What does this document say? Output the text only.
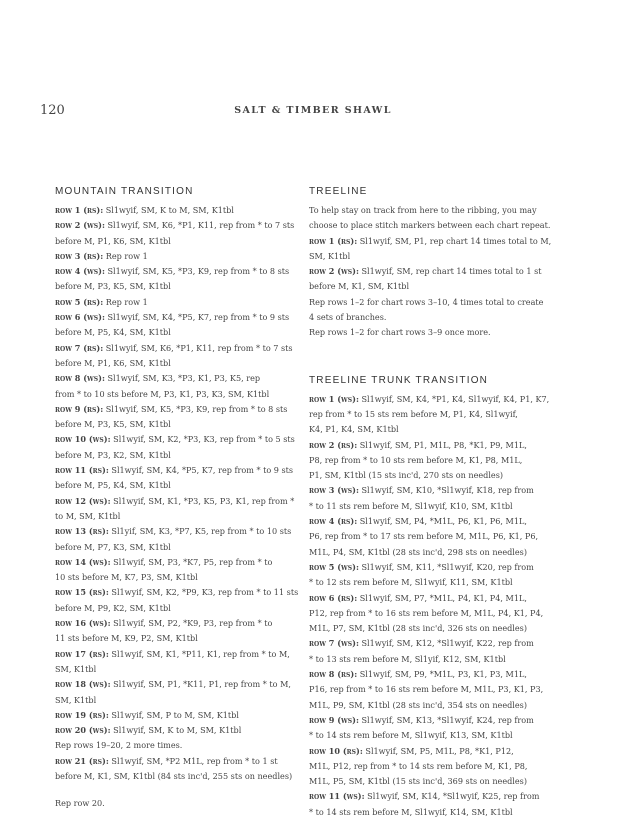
120	SALT & TIMBER SHAWL
MOUNTAIN TRANSITION
row 1 (rs): Sl1wyif, SM, K to M, SM, K1tbl
row 2 (ws): Sl1wyif, SM, K6, *P1, K11, rep from * to 7 sts
before M, P1, K6, SM, K1tbl
row 3 (rs): Rep row 1
row 4 (ws): Sl1wyif, SM, K5, *P3, K9, rep from * to 8 sts
before M, P3, K5, SM, K1tbl
row 5 (rs): Rep row 1
row 6 (ws): Sl1wyif, SM, K4, *P5, K7, rep from * to 9 sts
before M, P5, K4, SM, K1tbl
row 7 (rs): Sl1wyif, SM, K6, *P1, K11, rep from * to 7 sts
before M, P1, K6, SM, K1tbl
row 8 (ws): Sl1wyif, SM, K3, *P3, K1, P3, K5, rep
from * to 10 sts before M, P3, K1, P3, K3, SM, K1tbl
row 9 (rs): Sl1wyif, SM, K5, *P3, K9, rep from * to 8 sts
before M, P3, K5, SM, K1tbl
row 10 (ws): Sl1wyif, SM, K2, *P3, K3, rep from * to 5 sts
before M, P3, K2, SM, K1tbl
row 11 (rs): Sl1wyif, SM, K4, *P5, K7, rep from * to 9 sts
before M, P5, K4, SM, K1tbl
row 12 (ws): Sl1wyif, SM, K1, *P3, K5, P3, K1, rep from *
to M, SM, K1tbl
row 13 (rs): Sl1yif, SM, K3, *P7, K5, rep from * to 10 sts
before M, P7, K3, SM, K1tbl
row 14 (ws): Sl1wyif, SM, P3, *K7, P5, rep from * to
10 sts before M, K7, P3, SM, K1tbl
row 15 (rs): Sl1wyif, SM, K2, *P9, K3, rep from * to 11 sts
before M, P9, K2, SM, K1tbl
row 16 (ws): Sl1wyif, SM, P2, *K9, P3, rep from * to
11 sts before M, K9, P2, SM, K1tbl
row 17 (rs): Sl1wyif, SM, K1, *P11, K1, rep from * to M,
SM, K1tbl
row 18 (ws): Sl1wyif, SM, P1, *K11, P1, rep from * to M,
SM, K1tbl
row 19 (rs): Sl1wyif, SM, P to M, SM, K1tbl
row 20 (ws): Sl1wyif, SM, K to M, SM, K1tbl
Rep rows 19–20, 2 more times.
row 21 (rs): Sl1wyif, SM, *P2 M1L, rep from * to 1 st
before M, K1, SM, K1tbl (84 sts inc'd, 255 sts on needles)
Rep row 20.
TREELINE
To help stay on track from here to the ribbing, you may
choose to place stitch markers between each chart repeat.
row 1 (rs): Sl1wyif, SM, P1, rep chart 14 times total to M,
SM, K1tbl
row 2 (ws): Sl1wyif, SM, rep chart 14 times total to 1 st
before M, K1, SM, K1tbl
Rep rows 1–2 for chart rows 3–10, 4 times total to create
4 sets of branches.
Rep rows 1–2 for chart rows 3–9 once more.
TREELINE TRUNK TRANSITION
row 1 (ws): Sl1wyif, SM, K4, *P1, K4, Sl1wyif, K4, P1, K7,
rep from * to 15 sts rem before M, P1, K4, Sl1wyif,
K4, P1, K4, SM, K1tbl
row 2 (rs): Sl1wyif, SM, P1, M1L, P8, *K1, P9, M1L,
P8, rep from * to 10 sts rem before M, K1, P8, M1L,
P1, SM, K1tbl (15 sts inc'd, 270 sts on needles)
row 3 (ws): Sl1wyif, SM, K10, *Sl1wyif, K18, rep from
* to 11 sts rem before M, Sl1wyif, K10, SM, K1tbl
row 4 (rs): Sl1wyif, SM, P4, *M1L, P6, K1, P6, M1L,
P6, rep from * to 17 sts rem before M, M1L, P6, K1, P6,
M1L, P4, SM, K1tbl (28 sts inc'd, 298 sts on needles)
row 5 (ws): Sl1wyif, SM, K11, *Sl1wyif, K20, rep from
* to 12 sts rem before M, Sl1wyif, K11, SM, K1tbl
row 6 (rs): Sl1wyif, SM, P7, *M1L, P4, K1, P4, M1L,
P12, rep from * to 16 sts rem before M, M1L, P4, K1, P4,
M1L, P7, SM, K1tbl (28 sts inc'd, 326 sts on needles)
row 7 (ws): Sl1wyif, SM, K12, *Sl1wyif, K22, rep from
* to 13 sts rem before M, Sl1yif, K12, SM, K1tbl
row 8 (rs): Sl1wyif, SM, P9, *M1L, P3, K1, P3, M1L,
P16, rep from * to 16 sts rem before M, M1L, P3, K1, P3,
M1L, P9, SM, K1tbl (28 sts inc'd, 354 sts on needles)
row 9 (ws): Sl1wyif, SM, K13, *Sl1wyif, K24, rep from
* to 14 sts rem before M, Sl1wyif, K13, SM, K1tbl
row 10 (rs): Sl1wyif, SM, P5, M1L, P8, *K1, P12,
M1L, P12, rep from * to 14 sts rem before M, K1, P8,
M1L, P5, SM, K1tbl (15 sts inc'd, 369 sts on needles)
row 11 (ws): Sl1wyif, SM, K14, *Sl1wyif, K25, rep from
* to 14 sts rem before M, Sl1wyif, K14, SM, K1tbl
